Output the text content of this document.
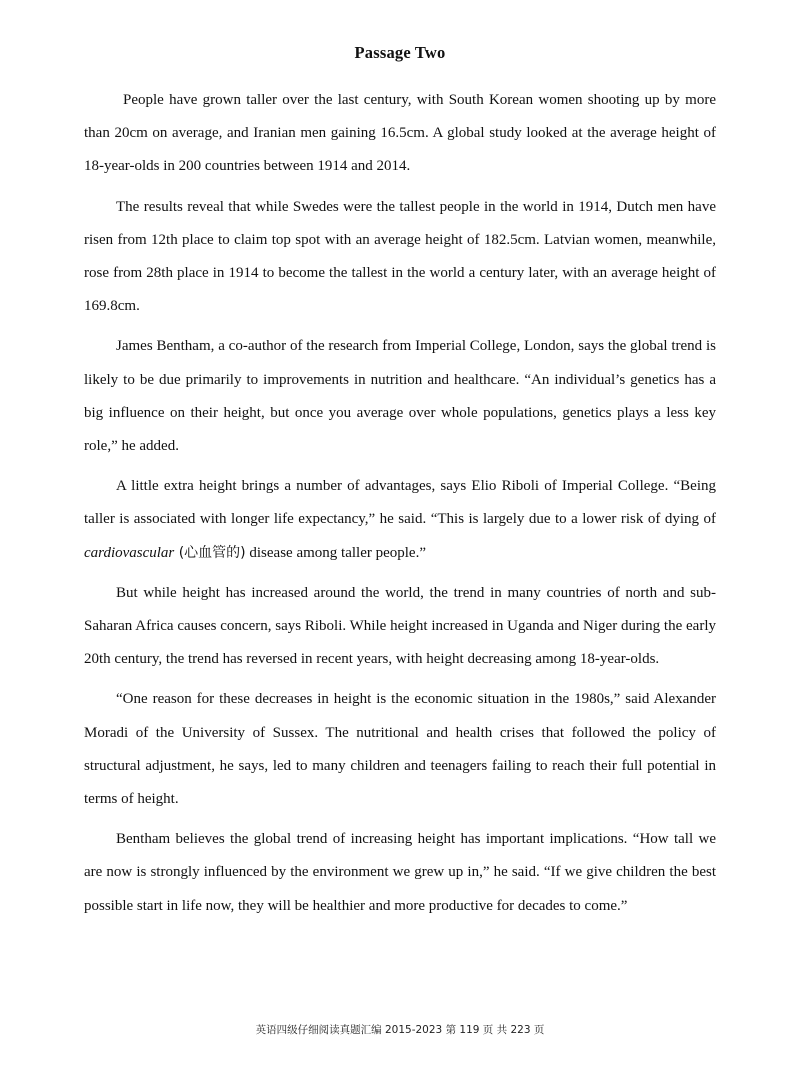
Passage Two

People have grown taller over the last century, with South Korean women shooting up by more than 20cm on average, and Iranian men gaining 16.5cm. A global study looked at the average height of 18-year-olds in 200 countries between 1914 and 2014.

The results reveal that while Swedes were the tallest people in the world in 1914, Dutch men have risen from 12th place to claim top spot with an average height of 182.5cm. Latvian women, meanwhile, rose from 28th place in 1914 to become the tallest in the world a century later, with an average height of 169.8cm.

James Bentham, a co-author of the research from Imperial College, London, says the global trend is likely to be due primarily to improvements in nutrition and healthcare. “An individual’s genetics has a big influence on their height, but once you average over whole populations, genetics plays a less key role,” he added.

A little extra height brings a number of advantages, says Elio Riboli of Imperial College. “Being taller is associated with longer life expectancy,” he said. “This is largely due to a lower risk of dying of cardiovascular (心血管的) disease among taller people.”

But while height has increased around the world, the trend in many countries of north and sub-Saharan Africa causes concern, says Riboli. While height increased in Uganda and Niger during the early 20th century, the trend has reversed in recent years, with height decreasing among 18-year-olds.

“One reason for these decreases in height is the economic situation in the 1980s,” said Alexander Moradi of the University of Sussex. The nutritional and health crises that followed the policy of structural adjustment, he says, led to many children and teenagers failing to reach their full potential in terms of height.

Bentham believes the global trend of increasing height has important implications. “How tall we are now is strongly influenced by the environment we grew up in,” he said. “If we give children the best possible start in life now, they will be healthier and more productive for decades to come.”

英语四级仔细阅读真题汇编 2015-2023 第 119 页 共 223 页
